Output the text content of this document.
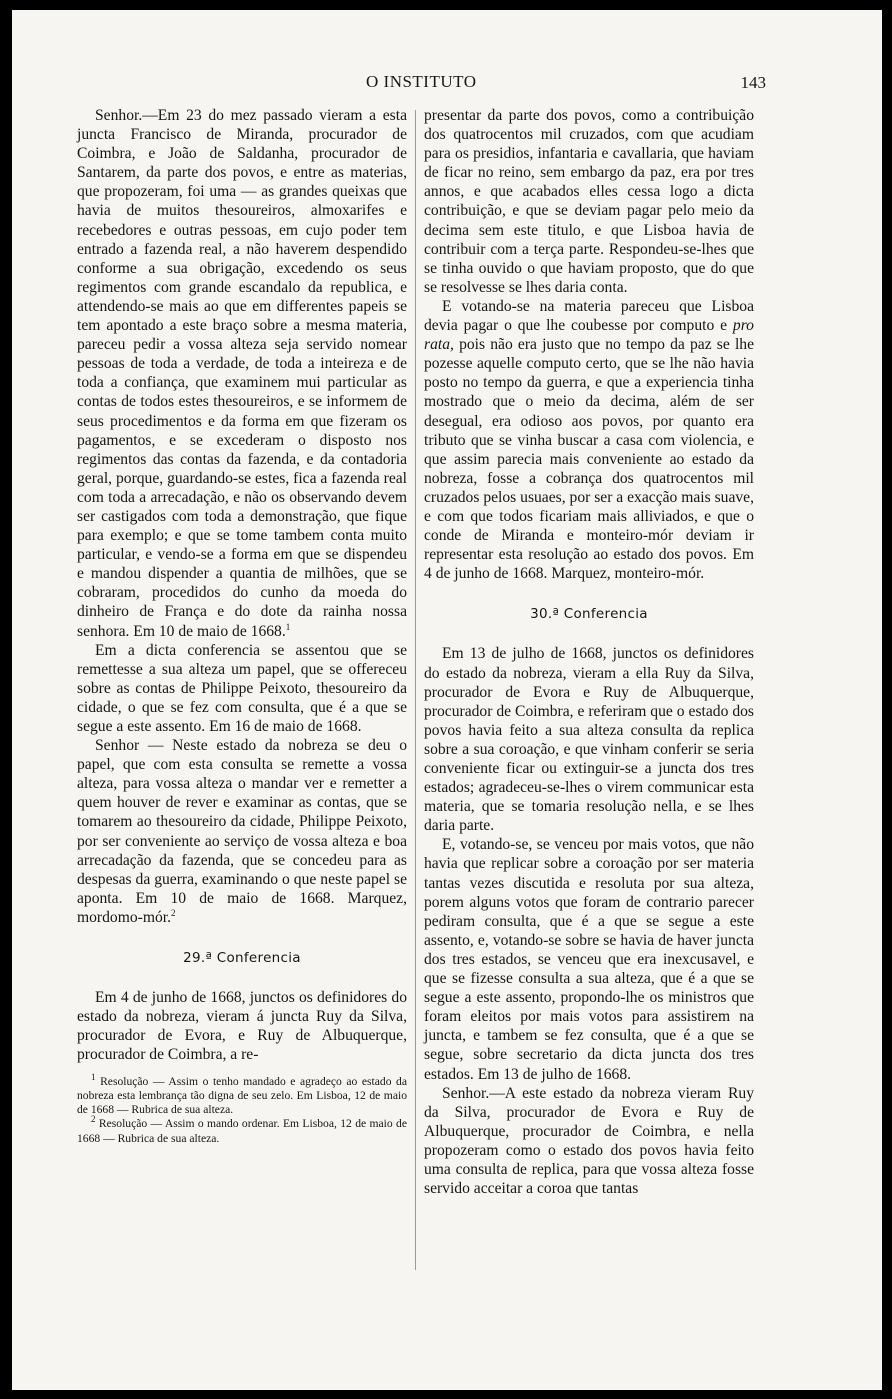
O INSTITUTO	143

Senhor.—Em 23 do mez passado vieram a esta juncta Francisco de Miranda, procurador de Coimbra, e João de Saldanha, procurador de Santarem, da parte dos povos, e entre as materias, que propozeram, foi uma — as grandes queixas que havia de muitos thesoureiros, almoxarifes e recebedores e outras pessoas, em cujo poder tem entrado a fazenda real, a não haverem despendido conforme a sua obrigação, excedendo os seus regimentos com grande escandalo da republica, e attendendo-se mais ao que em differentes papeis se tem apontado a este braço sobre a mesma materia, pareceu pedir a vossa alteza seja servido nomear pessoas de toda a verdade, de toda a inteireza e de toda a confiança, que examinem mui particular as contas de todos estes thesoureiros, e se informem de seus procedimentos e da forma em que fizeram os pagamentos, e se excederam o disposto nos regimentos das contas da fazenda, e da contadoria geral, porque, guardando-se estes, fica a fazenda real com toda a arrecadação, e não os observando devem ser castigados com toda a demonstração, que fique para exemplo; e que se tome tambem conta muito particular, e vendo-se a forma em que se dispendeu e mandou dispender a quantia de milhões, que se cobraram, procedidos do cunho da moeda do dinheiro de França e do dote da rainha nossa senhora. Em 10 de maio de 1668.$^1$

Em a dicta conferencia se assentou que se remettesse a sua alteza um papel, que se offereceu sobre as contas de Philippe Peixoto, thesoureiro da cidade, o que se fez com consulta, que é a que se segue a este assento. Em 16 de maio de 1668.

Senhor — Neste estado da nobreza se deu o papel, que com esta consulta se remette a vossa alteza, para vossa alteza o mandar ver e remetter a quem houver de rever e examinar as contas, que se tomarem ao thesoureiro da cidade, Philippe Peixoto, por ser conveniente ao serviço de vossa alteza e boa arrecadação da fazenda, que se concedeu para as despesas da guerra, examinando o que neste papel se aponta. Em 10 de maio de 1668. Marquez, mordomo-mór.$^2$

29.ª Conferencia

Em 4 de junho de 1668, junctos os definidores do estado da nobreza, vieram á juncta Ruy da Silva, procurador de Evora, e Ruy de Albuquerque, procurador de Coimbra, a re-

$^1$ Resolução — Assim o tenho mandado e agradeço ao estado da nobreza esta lembrança tão digna de seu zelo. Em Lisboa, 12 de maio de 1668 — Rubrica de sua alteza.

$^2$ Resolução — Assim o mando ordenar. Em Lisboa, 12 de maio de 1668 — Rubrica de sua alteza.

presentar da parte dos povos, como a contribuição dos quatrocentos mil cruzados, com que acudiam para os presidios, infantaria e cavallaria, que haviam de ficar no reino, sem embargo da paz, era por tres annos, e que acabados elles cessa logo a dicta contribuição, e que se deviam pagar pelo meio da decima sem este titulo, e que Lisboa havia de contribuir com a terça parte. Respondeu-se-lhes que se tinha ouvido o que haviam proposto, que do que se resolvesse se lhes daria conta.

E votando-se na materia pareceu que Lisboa devia pagar o que lhe coubesse por computo e pro rata, pois não era justo que no tempo da paz se lhe pozesse aquelle computo certo, que se lhe não havia posto no tempo da guerra, e que a experiencia tinha mostrado que o meio da decima, além de ser desegual, era odioso aos povos, por quanto era tributo que se vinha buscar a casa com violencia, e que assim parecia mais conveniente ao estado da nobreza, fosse a cobrança dos quatrocentos mil cruzados pelos usuaes, por ser a exacção mais suave, e com que todos ficariam mais alliviados, e que o conde de Miranda e monteiro-mór deviam ir representar esta resolução ao estado dos povos. Em 4 de junho de 1668. Marquez, monteiro-mór.

30.ª Conferencia

Em 13 de julho de 1668, junctos os definidores do estado da nobreza, vieram a ella Ruy da Silva, procurador de Evora e Ruy de Albuquerque, procurador de Coimbra, e referiram que o estado dos povos havia feito a sua alteza consulta da replica sobre a sua coroação, e que vinham conferir se seria conveniente ficar ou extinguir-se a juncta dos tres estados; agradeceu-se-lhes o virem communicar esta materia, que se tomaria resolução nella, e se lhes daria parte.

E, votando-se, se venceu por mais votos, que não havia que replicar sobre a coroação por ser materia tantas vezes discutida e resoluta por sua alteza, porem alguns votos que foram de contrario parecer pediram consulta, que é a que se segue a este assento, e, votando-se sobre se havia de haver juncta dos tres estados, se venceu que era inexcusavel, e que se fizesse consulta a sua alteza, que é a que se segue a este assento, propondo-lhe os ministros que foram eleitos por mais votos para assistirem na juncta, e tambem se fez consulta, que é a que se segue, sobre secretario da dicta juncta dos tres estados. Em 13 de julho de 1668.

Senhor.—A este estado da nobreza vieram Ruy da Silva, procurador de Evora e Ruy de Albuquerque, procurador de Coimbra, e nella propozeram como o estado dos povos havia feito uma consulta de replica, para que vossa alteza fosse servido acceitar a coroa que tantas
